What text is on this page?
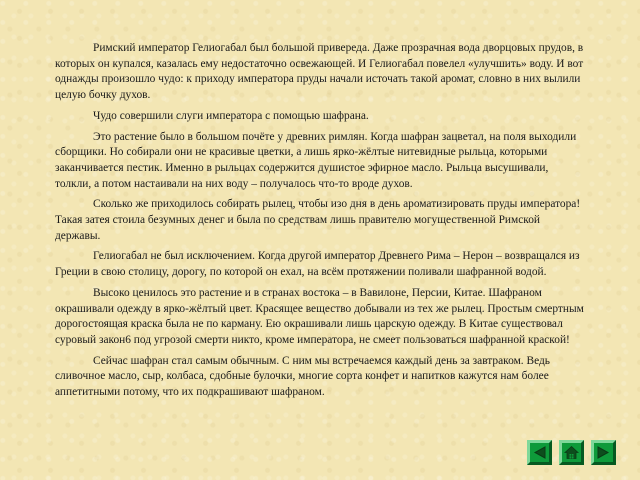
Римский император Гелиогабал был большой привереда. Даже прозрачная вода дворцовых прудов, в которых он купался, казалась ему недостаточно освежающей. И Гелиогабал повелел «улучшить» воду. И вот однажды произошло чудо: к приходу императора пруды начали источать такой аромат, словно в них вылили целую бочку духов.

Чудо совершили слуги императора с помощью шафрана.

Это растение было в большом почёте у древних римлян. Когда шафран зацветал, на поля выходили сборщики. Но собирали они не красивые цветки, а лишь ярко-жёлтые нитевидные рыльца, которыми заканчивается пестик. Именно в рыльцах содержится душистое эфирное масло. Рыльца высушивали, толкли, а потом настаивали на них воду – получалось что-то вроде духов.

Сколько же приходилось собирать рылец, чтобы изо дня в день ароматизировать пруды императора! Такая затея стоила безумных денег и была по средствам лишь правителю могущественной Римской державы.

Гелиогабал не был исключением. Когда другой император Древнего Рима – Нерон – возвращался из Греции в свою столицу, дорогу, по которой он ехал, на всём протяжении поливали шафранной водой.

Высоко ценилось это растение и в странах востока – в Вавилоне, Персии, Китае. Шафраном окрашивали одежду в ярко-жёлтый цвет. Красящее вещество добывали из тех же рылец. Простым смертным дорогостоящая краска была не по карману. Ею окрашивали лишь царскую одежду. В Китае существовал суровый закон6 под угрозой смерти никто, кроме императора, не смеет пользоваться шафранной краской!

Сейчас шафран стал самым обычным. С ним мы встречаемся каждый день за завтраком. Ведь сливочное масло, сыр, колбаса, сдобные булочки, многие сорта конфет и напитков кажутся нам более аппетитными потому, что их подкрашивают шафраном.
